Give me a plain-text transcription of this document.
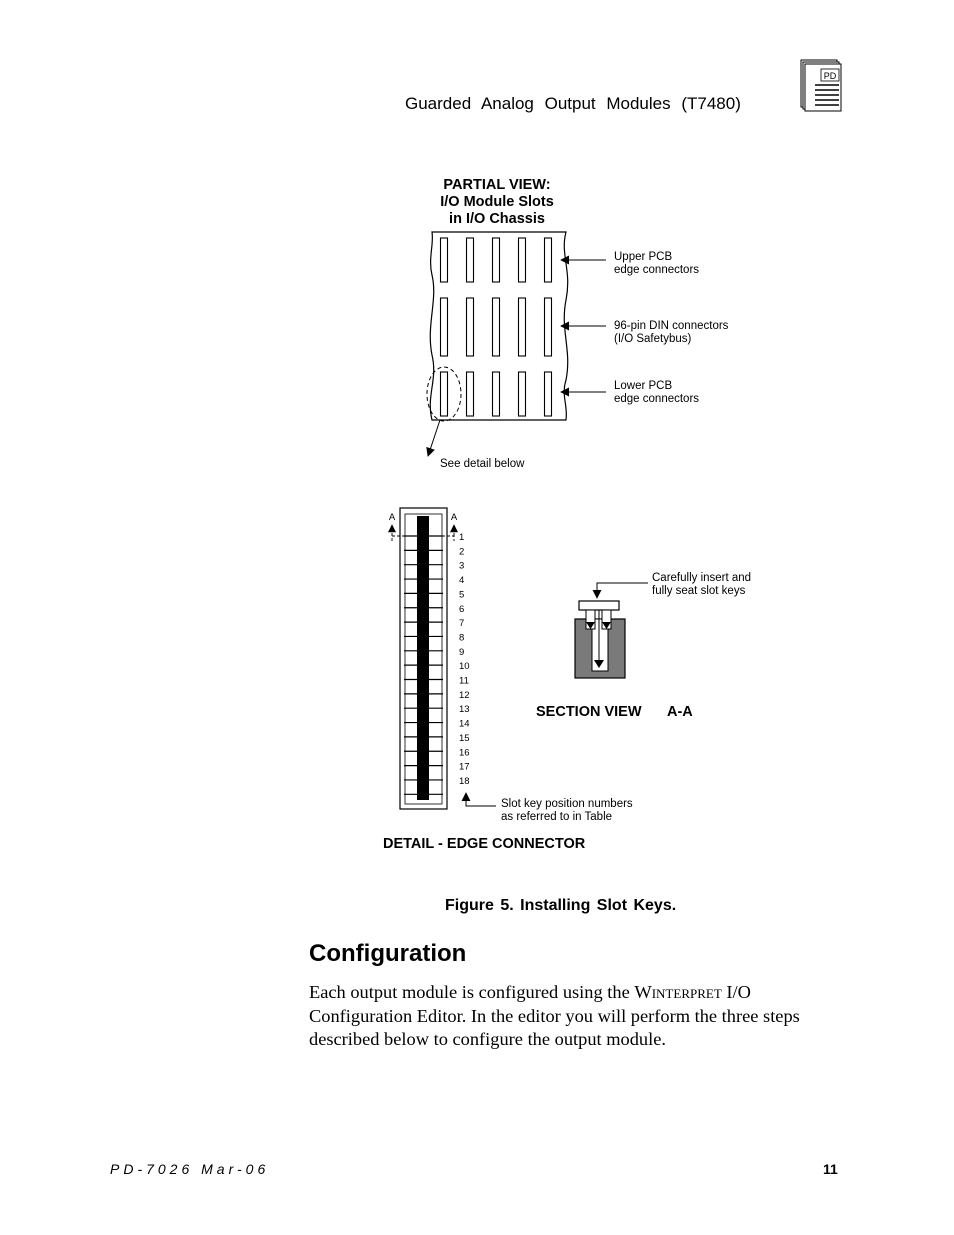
Guarded Analog Output Modules (T7480)
PD
PARTIAL VIEW:
I/O Module Slots
in I/O Chassis
See detail below
Upper PCB
edge connectors
96-pin DIN connectors
(I/O Safetybus)
Lower PCB
edge connectors
A	A
1
2
3
4
5
6
7
8
9
10
11
12
13
14
15
16
17
18
Slot key position numbers
as referred to in Table
DETAIL - EDGE CONNECTOR
Carefully insert and
fully seat slot keys
SECTION VIEW A-A
Figure 5. Installing Slot Keys.
Configuration

Each output module is configured using the Winterpret I/O Configuration Editor. In the editor you will perform the three steps described below to configure the output module.

PD-7026 Mar-06	11
